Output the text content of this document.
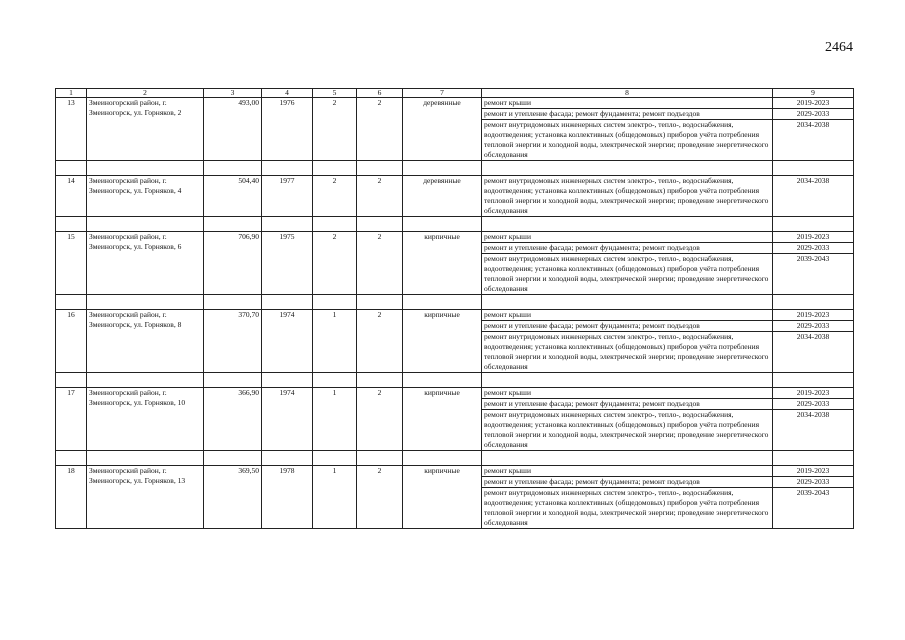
2464
1	2	3	4	5	6	7	8	9
13	Змеиногорский район, г. Змеиногорск, ул. Горняков, 2	493,00	1976	2	2	деревянные	ремонт крыши	2019-2023
							ремонт и утепление фасада; ремонт фундамента; ремонт подъездов	2029-2033
							ремонт внутридомовых инженерных систем электро-, тепло-, водоснабжения, водоотведения; установка коллективных (общедомовых) приборов учёта потребления тепловой энергии и холодной воды, электрической энергии; проведение энергетического обследования	2034-2038

14	Змеиногорский район, г. Змеиногорск, ул. Горняков, 4	504,40	1977	2	2	деревянные	ремонт внутридомовых инженерных систем электро-, тепло-, водоснабжения, водоотведения; установка коллективных (общедомовых) приборов учёта потребления тепловой энергии и холодной воды, электрической энергии; проведение энергетического обследования	2034-2038

15	Змеиногорский район, г. Змеиногорск, ул. Горняков, 6	706,90	1975	2	2	кирпичные	ремонт крыши	2019-2023
							ремонт и утепление фасада; ремонт фундамента; ремонт подъездов	2029-2033
							ремонт внутридомовых инженерных систем электро-, тепло-, водоснабжения, водоотведения; установка коллективных (общедомовых) приборов учёта потребления тепловой энергии и холодной воды, электрической энергии; проведение энергетического обследования	2039-2043

16	Змеиногорский район, г. Змеиногорск, ул. Горняков, 8	370,70	1974	1	2	кирпичные	ремонт крыши	2019-2023
							ремонт и утепление фасада; ремонт фундамента; ремонт подъездов	2029-2033
							ремонт внутридомовых инженерных систем электро-, тепло-, водоснабжения, водоотведения; установка коллективных (общедомовых) приборов учёта потребления тепловой энергии и холодной воды, электрической энергии; проведение энергетического обследования	2034-2038

17	Змеиногорский район, г. Змеиногорск, ул. Горняков, 10	366,90	1974	1	2	кирпичные	ремонт крыши	2019-2023
							ремонт и утепление фасада; ремонт фундамента; ремонт подъездов	2029-2033
							ремонт внутридомовых инженерных систем электро-, тепло-, водоснабжения, водоотведения; установка коллективных (общедомовых) приборов учёта потребления тепловой энергии и холодной воды, электрической энергии; проведение энергетического обследования	2034-2038

18	Змеиногорский район, г. Змеиногорск, ул. Горняков, 13	369,50	1978	1	2	кирпичные	ремонт крыши	2019-2023
							ремонт и утепление фасада; ремонт фундамента; ремонт подъездов	2029-2033
							ремонт внутридомовых инженерных систем электро-, тепло-, водоснабжения, водоотведения; установка коллективных (общедомовых) приборов учёта потребления тепловой энергии и холодной воды, электрической энергии; проведение энергетического обследования	2039-2043
